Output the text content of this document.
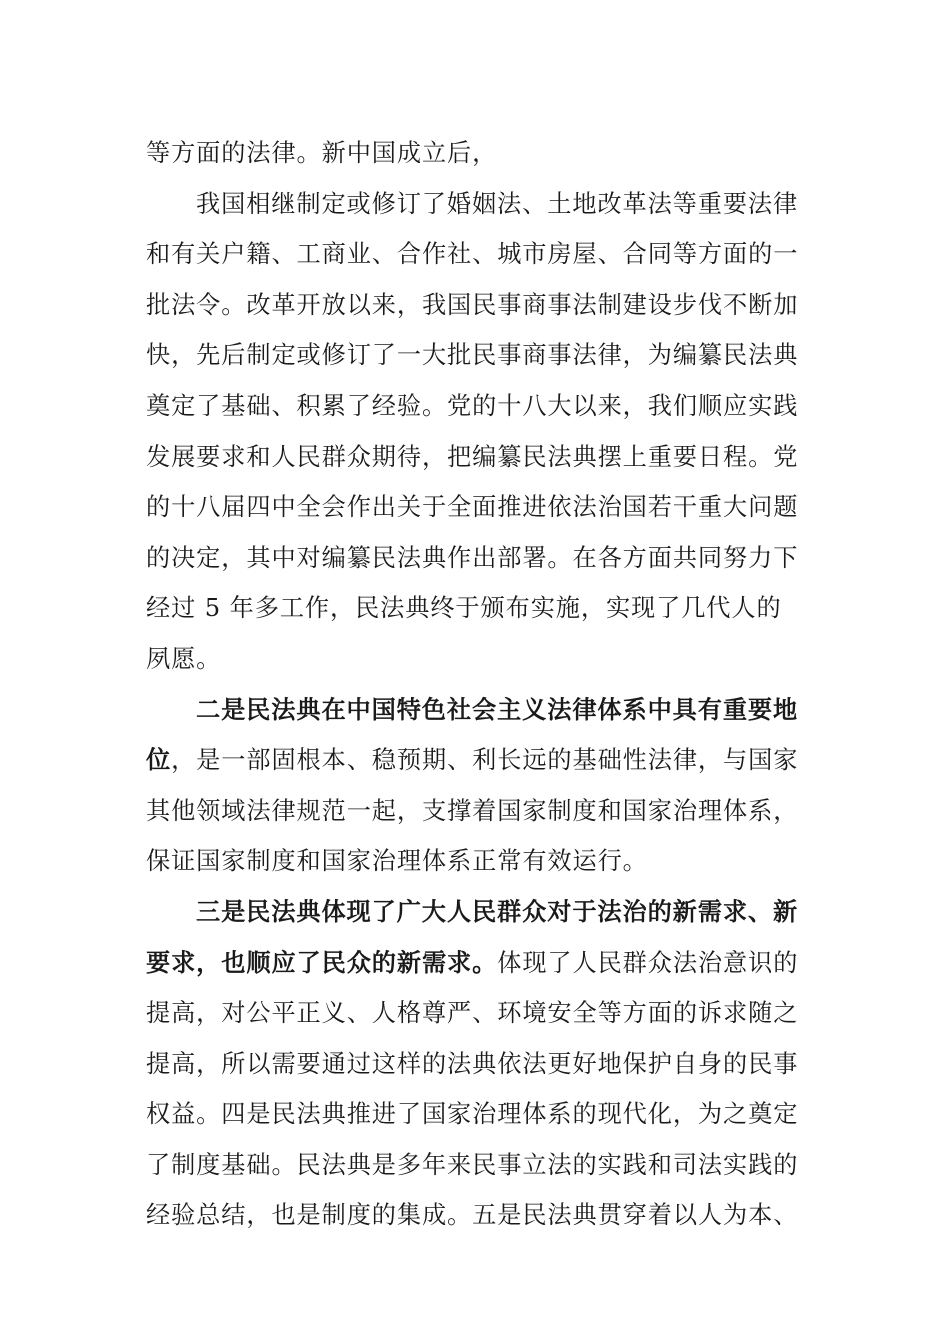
等方面的法律。新中国成立后，
我国相继制定或修订了婚姻法、土地改革法等重要法律
和有关户籍、工商业、合作社、城市房屋、合同等方面的一
批法令。改革开放以来，我国民事商事法制建设步伐不断加
快，先后制定或修订了一大批民事商事法律，为编纂民法典
奠定了基础、积累了经验。党的十八大以来，我们顺应实践
发展要求和人民群众期待，把编纂民法典摆上重要日程。党
的十八届四中全会作出关于全面推进依法治国若干重大问题
的决定，其中对编纂民法典作出部署。在各方面共同努力下
经过 5 年多工作，民法典终于颁布实施，实现了几代人的
夙愿。
二是民法典在中国特色社会主义法律体系中具有重要地
位，是一部固根本、稳预期、利长远的基础性法律，与国家
其他领域法律规范一起，支撑着国家制度和国家治理体系，
保证国家制度和国家治理体系正常有效运行。
三是民法典体现了广大人民群众对于法治的新需求、新
要求，也顺应了民众的新需求。体现了人民群众法治意识的
提高，对公平正义、人格尊严、环境安全等方面的诉求随之
提高，所以需要通过这样的法典依法更好地保护自身的民事
权益。四是民法典推进了国家治理体系的现代化，为之奠定
了制度基础。民法典是多年来民事立法的实践和司法实践的
经验总结，也是制度的集成。五是民法典贯穿着以人为本、
